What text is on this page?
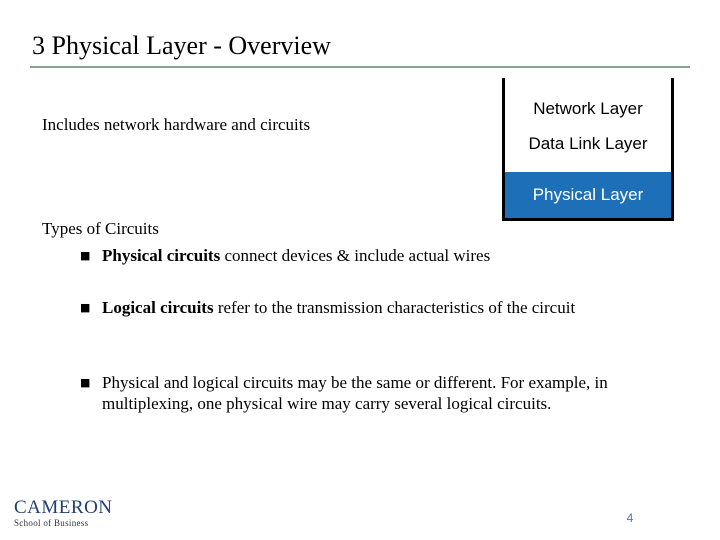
3 Physical Layer - Overview
Includes network hardware and circuits
Network Layer
Data Link Layer
Physical Layer
Types of Circuits
■ Physical circuits connect devices & include actual wires
■ Logical circuits refer to the transmission characteristics of the circuit
■ Physical and logical circuits may be the same or different. For example, in multiplexing, one physical wire may carry several logical circuits.
CAMERON
School of Business	4
